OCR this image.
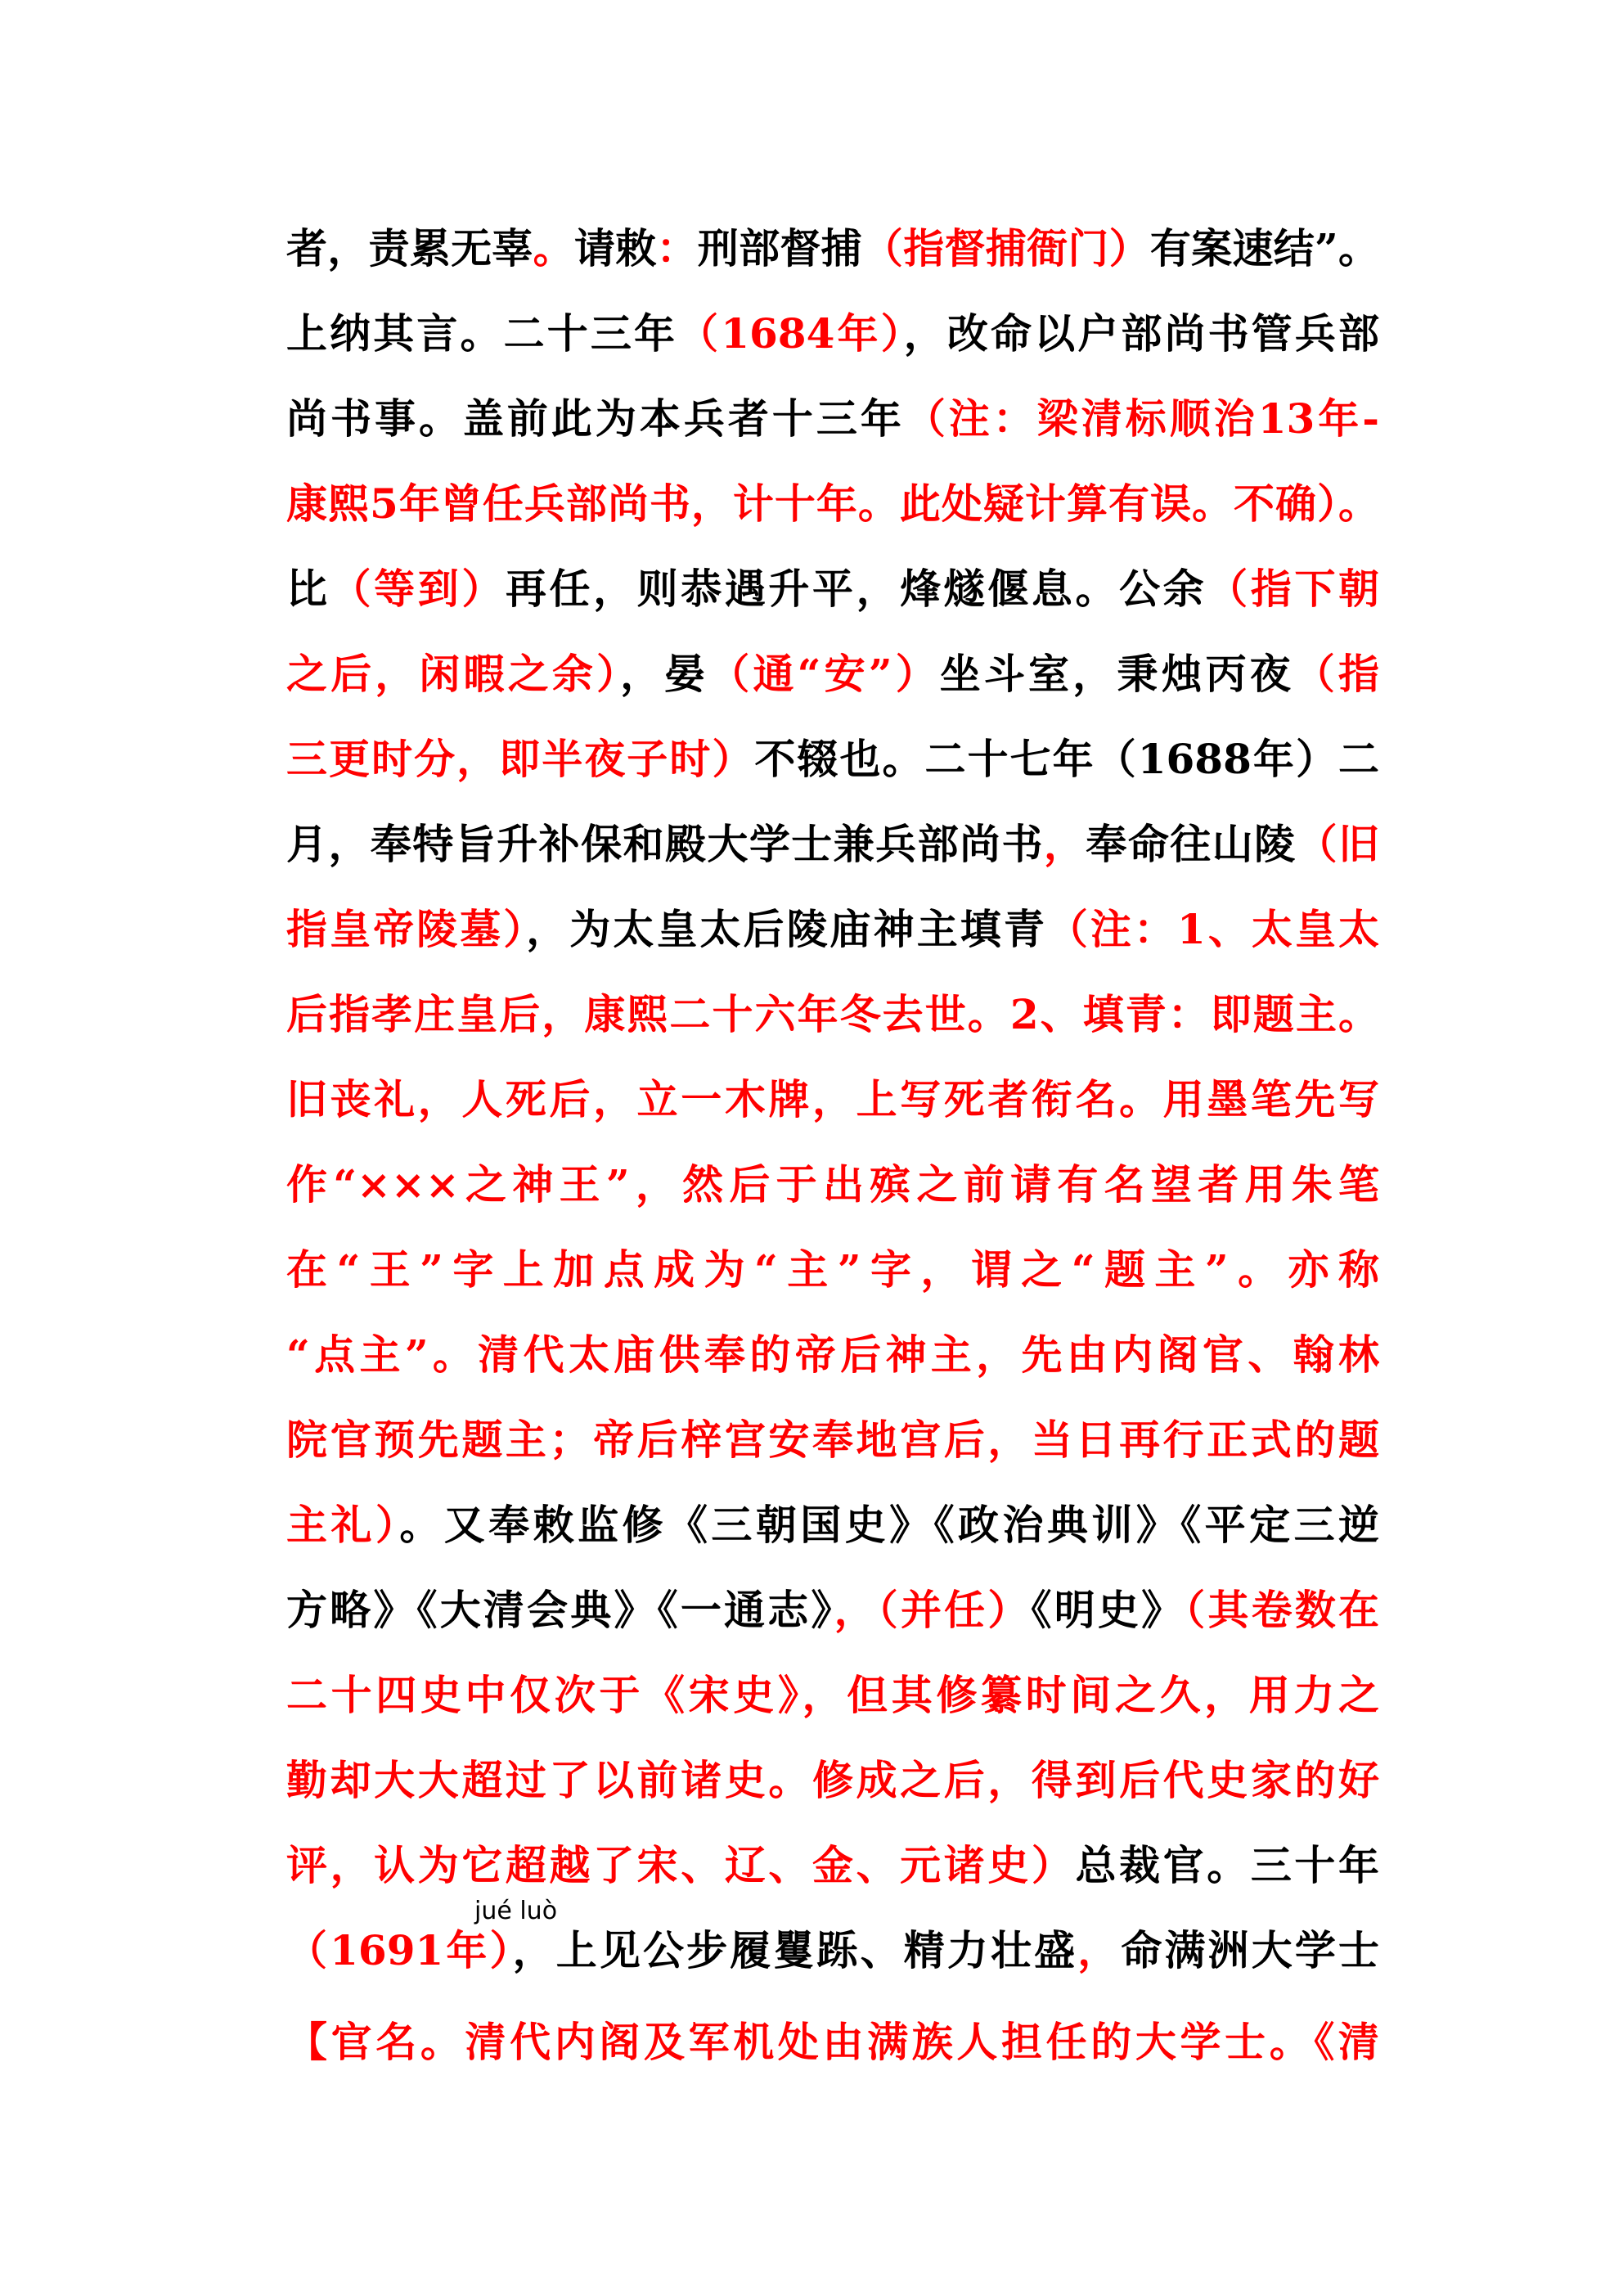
者，责累无辜。请敕：刑部督捕（指督捕衙门）有案速结”。
上纳其言。二十三年（1684年），改命以户部尚书管兵部
尚书事。盖前此为本兵者十三年（注：梁清标顺治13年-
康熙5年曾任兵部尚书，计十年。此处疑计算有误。不确）。
比（等到）再任，则恭遇升平，烽燧偃息。公余（指下朝
之后，闲暇之余），晏（通“安”）坐斗室，秉烛丙夜（指
三更时分，即半夜子时）不辍也。二十七年（1688年）二
月，奉特旨升补保和殿大学士兼兵部尚书，奉命往山陵（旧
指皇帝陵墓），为太皇太后陵庙神主填青（注：1、太皇太
后指孝庄皇后，康熙二十六年冬去世。2、填青：即题主。
旧丧礼，人死后，立一木牌，上写死者衔名。用墨笔先写
作“×××之神王”，然后于出殡之前请有名望者用朱笔
在“王”字上加点成为“主”字，谓之“题主”。亦称
“点主”。清代太庙供奉的帝后神主，先由内阁官、翰林
院官预先题主；帝后梓宫安奉地宫后，当日再行正式的题
主礼）。又奉敕监修《三朝国史》《政治典训》《平定三逆
方略》《大清会典》《一通志》，（并任）《明史》（其卷数在
二十四史中仅次于《宋史》，但其修纂时间之久，用力之
勤却大大超过了以前诸史。修成之后，得到后代史家的好
评，认为它超越了宋、辽、金、元诸史）总裁官。三十年
（1691年），上见公步履矍跞、精力壮盛，命满洲大学士
【官名。清代内阁及军机处由满族人担任的大学士。《清
jué luò
